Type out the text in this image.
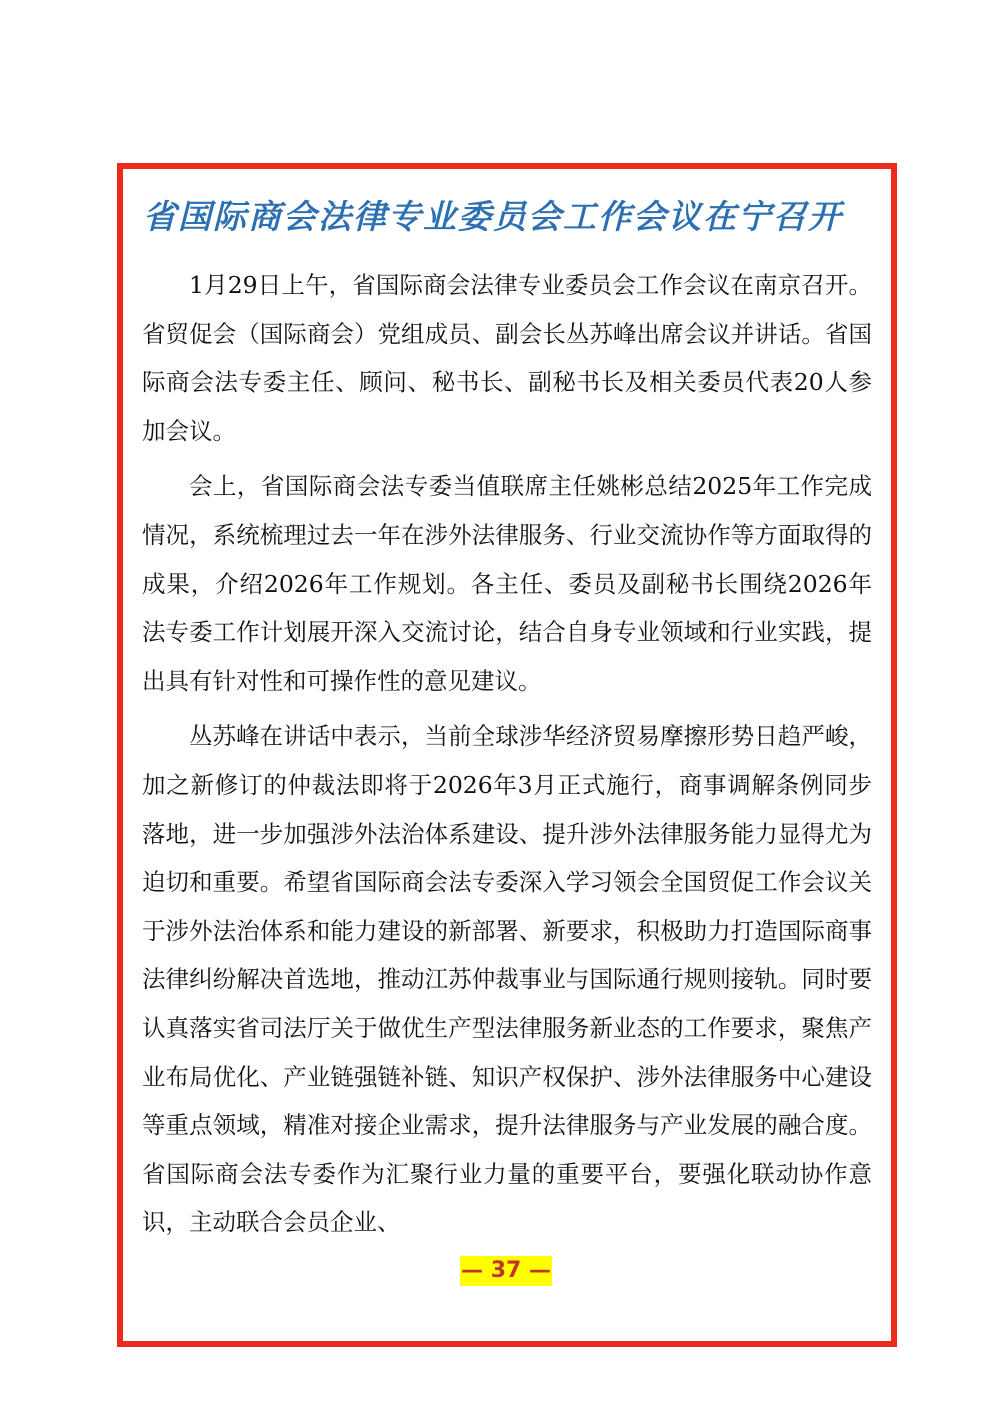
省国际商会法律专业委员会工作会议在宁召开

1月29日上午，省国际商会法律专业委员会工作会议在南京召开。省贸促会（国际商会）党组成员、副会长丛苏峰出席会议并讲话。省国际商会法专委主任、顾问、秘书长、副秘书长及相关委员代表20人参加会议。

会上，省国际商会法专委当值联席主任姚彬总结2025年工作完成情况，系统梳理过去一年在涉外法律服务、行业交流协作等方面取得的成果，介绍2026年工作规划。各主任、委员及副秘书长围绕2026年法专委工作计划展开深入交流讨论，结合自身专业领域和行业实践，提出具有针对性和可操作性的意见建议。

丛苏峰在讲话中表示，当前全球涉华经济贸易摩擦形势日趋严峻，加之新修订的仲裁法即将于2026年3月正式施行，商事调解条例同步落地，进一步加强涉外法治体系建设、提升涉外法律服务能力显得尤为迫切和重要。希望省国际商会法专委深入学习领会全国贸促工作会议关于涉外法治体系和能力建设的新部署、新要求，积极助力打造国际商事法律纠纷解决首选地，推动江苏仲裁事业与国际通行规则接轨。同时要认真落实省司法厅关于做优生产型法律服务新业态的工作要求，聚焦产业布局优化、产业链强链补链、知识产权保护、涉外法律服务中心建设等重点领域，精准对接企业需求，提升法律服务与产业发展的融合度。省国际商会法专委作为汇聚行业力量的重要平台，要强化联动协作意识，主动联合会员企业、

— 37 —
